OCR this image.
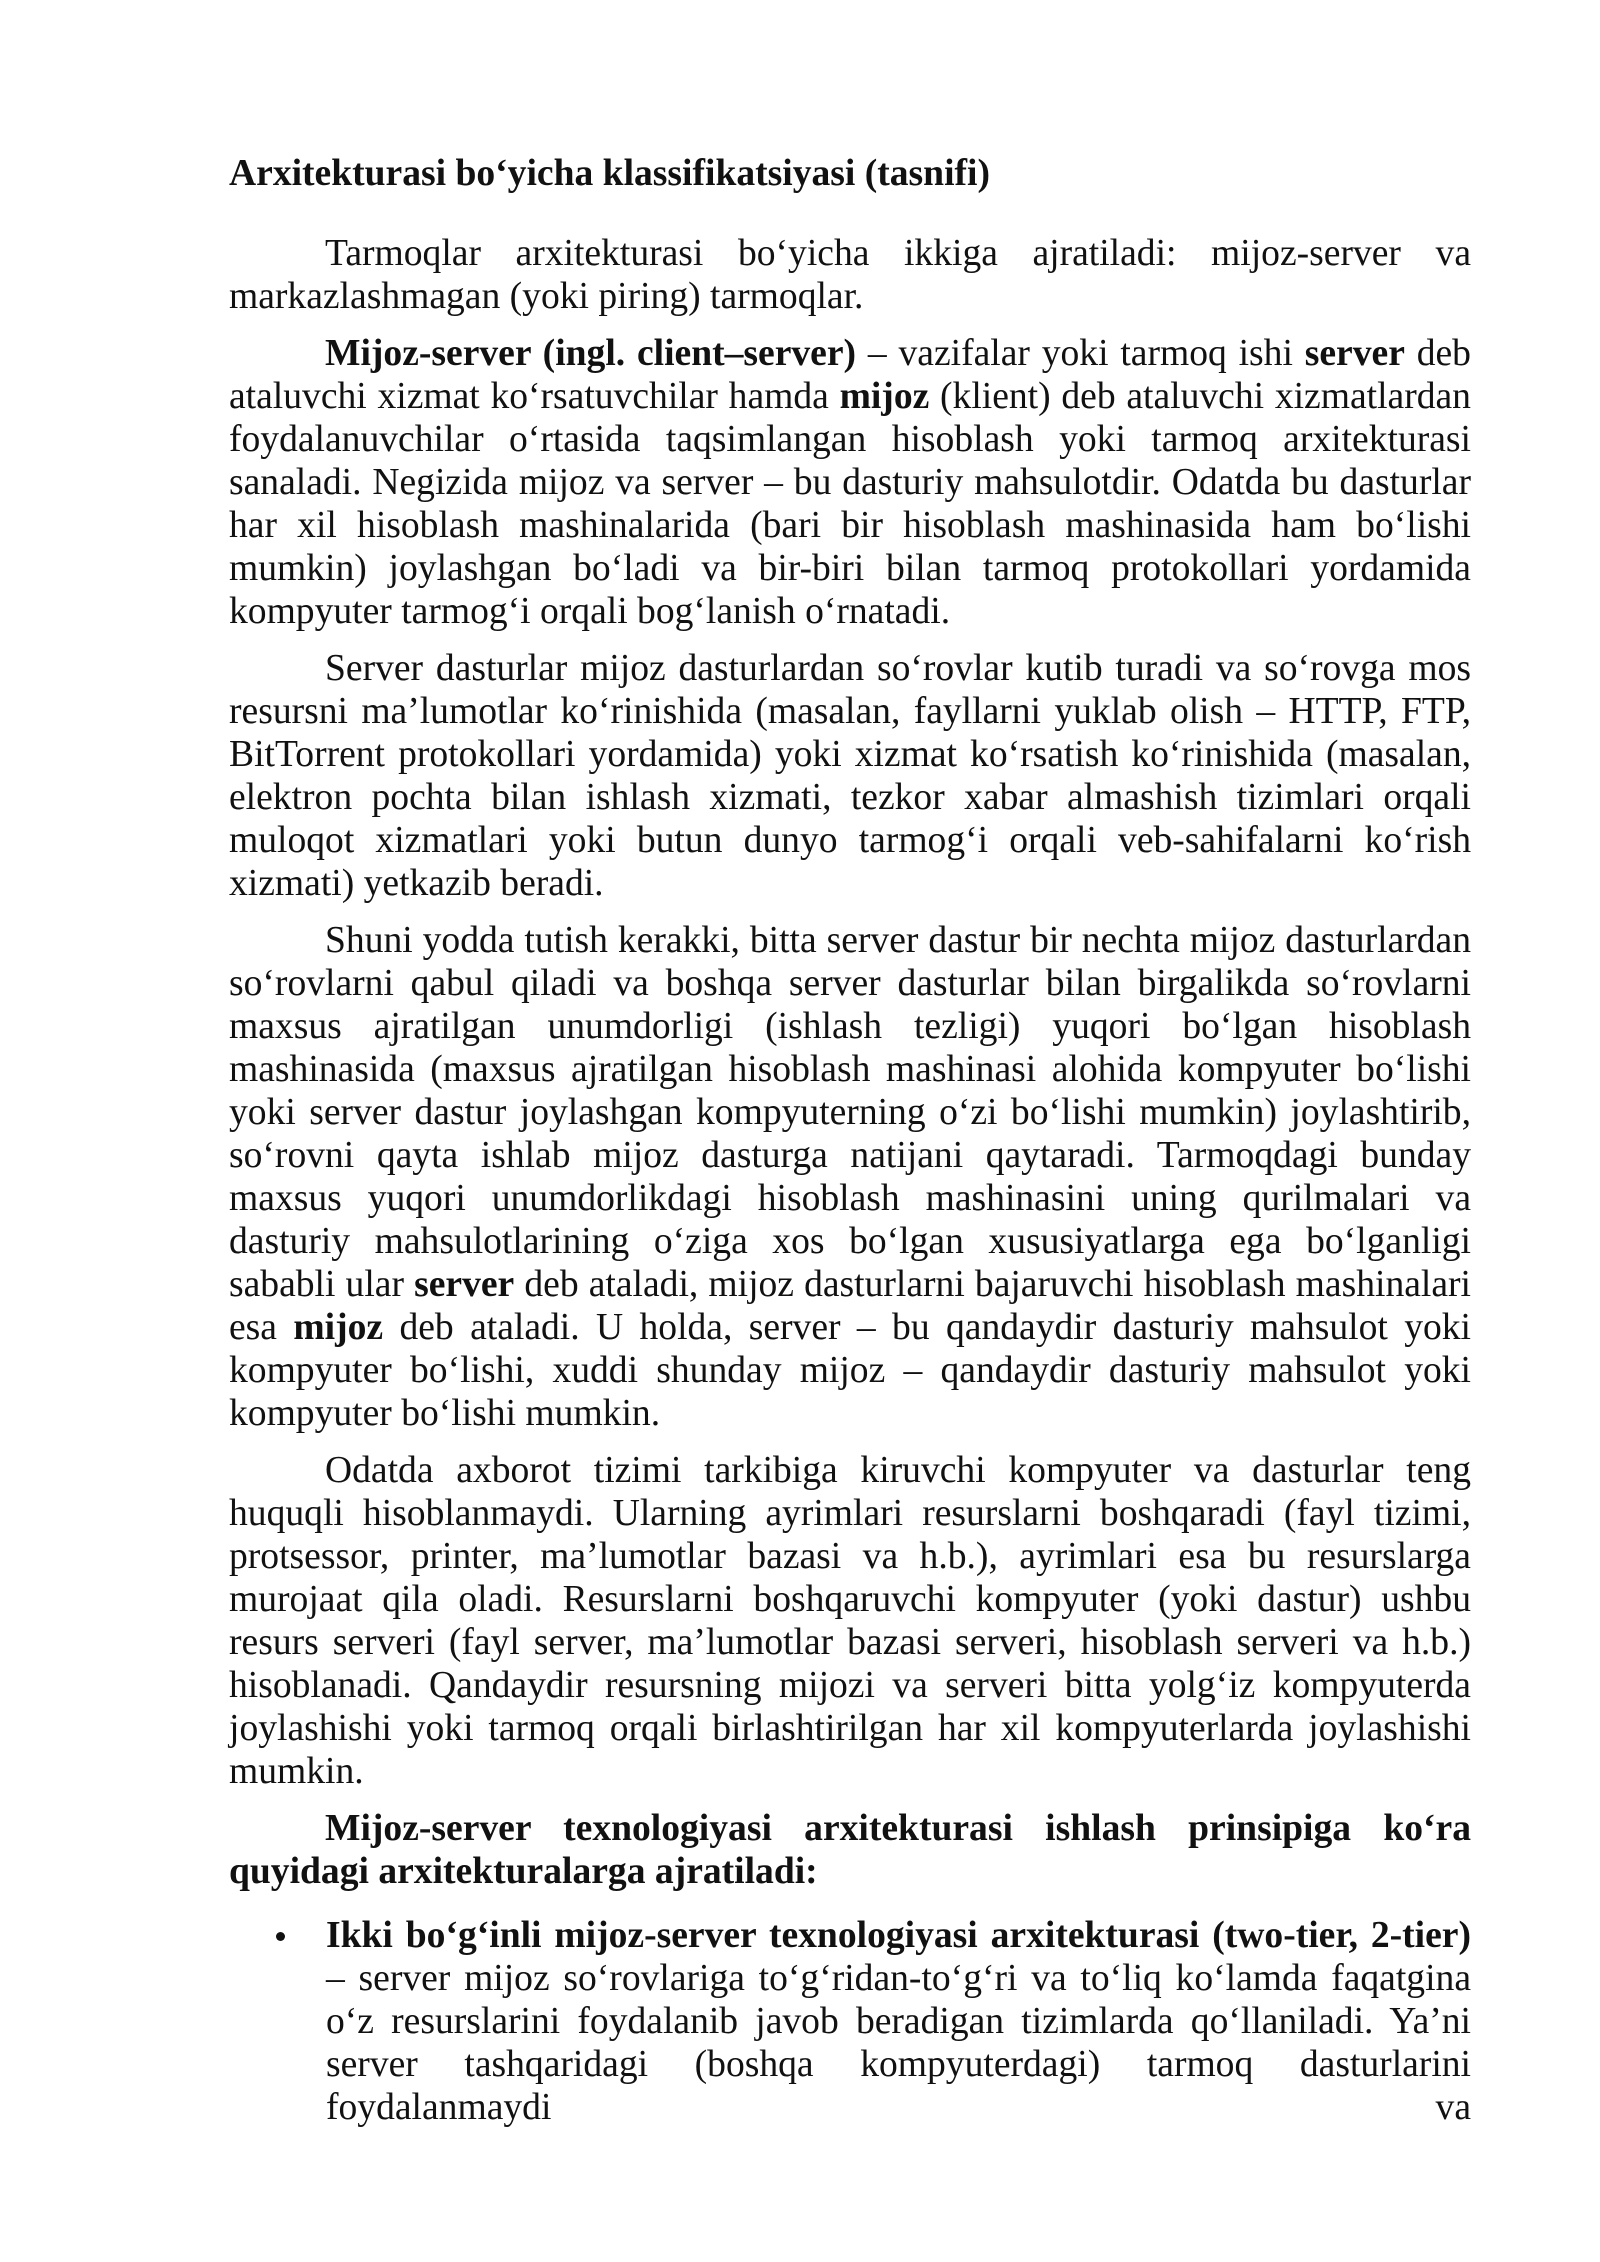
Arxitekturasi bo‘yicha klassifikatsiyasi (tasnifi)

Tarmoqlar arxitekturasi bo‘yicha ikkiga ajratiladi: mijoz-server va markazlashmagan (yoki piring) tarmoqlar.

Mijoz-server (ingl. client–server) – vazifalar yoki tarmoq ishi server deb ataluvchi xizmat ko‘rsatuvchilar hamda mijoz (klient) deb ataluvchi xizmatlardan foydalanuvchilar o‘rtasida taqsimlangan hisoblash yoki tarmoq arxitekturasi sanaladi. Negizida mijoz va server – bu dasturiy mahsulotdir. Odatda bu dasturlar har xil hisoblash mashinalarida (bari bir hisoblash mashinasida ham bo‘lishi mumkin) joylashgan bo‘ladi va bir-biri bilan tarmoq protokollari yordamida kompyuter tarmog‘i orqali bog‘lanish o‘rnatadi.

Server dasturlar mijoz dasturlardan so‘rovlar kutib turadi va so‘rovga mos resursni ma’lumotlar ko‘rinishida (masalan, fayllarni yuklab olish – HTTP, FTP, BitTorrent protokollari yordamida) yoki xizmat ko‘rsatish ko‘rinishida (masalan, elektron pochta bilan ishlash xizmati, tezkor xabar almashish tizimlari orqali muloqot xizmatlari yoki butun dunyo tarmog‘i orqali veb-sahifalarni ko‘rish xizmati) yetkazib beradi.

Shuni yodda tutish kerakki, bitta server dastur bir nechta mijoz dasturlardan so‘rovlarni qabul qiladi va boshqa server dasturlar bilan birgalikda so‘rovlarni maxsus ajratilgan unumdorligi (ishlash tezligi) yuqori bo‘lgan hisoblash mashinasida (maxsus ajratilgan hisoblash mashinasi alohida kompyuter bo‘lishi yoki server dastur joylashgan kompyuterning o‘zi bo‘lishi mumkin) joylashtirib, so‘rovni qayta ishlab mijoz dasturga natijani qaytaradi. Tarmoqdagi bunday maxsus yuqori unumdorlikdagi hisoblash mashinasini uning qurilmalari va dasturiy mahsulotlarining o‘ziga xos bo‘lgan xususiyatlarga ega bo‘lganligi sababli ular server deb ataladi, mijoz dasturlarni bajaruvchi hisoblash mashinalari esa mijoz deb ataladi. U holda, server – bu qandaydir dasturiy mahsulot yoki kompyuter bo‘lishi, xuddi shunday mijoz – qandaydir dasturiy mahsulot yoki kompyuter bo‘lishi mumkin.

Odatda axborot tizimi tarkibiga kiruvchi kompyuter va dasturlar teng huquqli hisoblanmaydi. Ularning ayrimlari resurslarni boshqaradi (fayl tizimi, protsessor, printer, ma’lumotlar bazasi va h.b.), ayrimlari esa bu resurslarga murojaat qila oladi. Resurslarni boshqaruvchi kompyuter (yoki dastur) ushbu resurs serveri (fayl server, ma’lumotlar bazasi serveri, hisoblash serveri va h.b.) hisoblanadi. Qandaydir resursning mijozi va serveri bitta yolg‘iz kompyuterda joylashishi yoki tarmoq orqali birlashtirilgan har xil kompyuterlarda joylashishi mumkin.

Mijoz-server texnologiyasi arxitekturasi ishlash prinsipiga ko‘ra quyidagi arxitekturalarga ajratiladi:

Ikki bo‘g‘inli mijoz-server texnologiyasi arxitekturasi (two-tier, 2-tier) – server mijoz so‘rovlariga to‘g‘ridan-to‘g‘ri va to‘liq ko‘lamda faqatgina o‘z resurslarini foydalanib javob beradigan tizimlarda qo‘llaniladi. Ya’ni server tashqaridagi (boshqa kompyuterdagi) tarmoq dasturlarini foydalanmaydi va
